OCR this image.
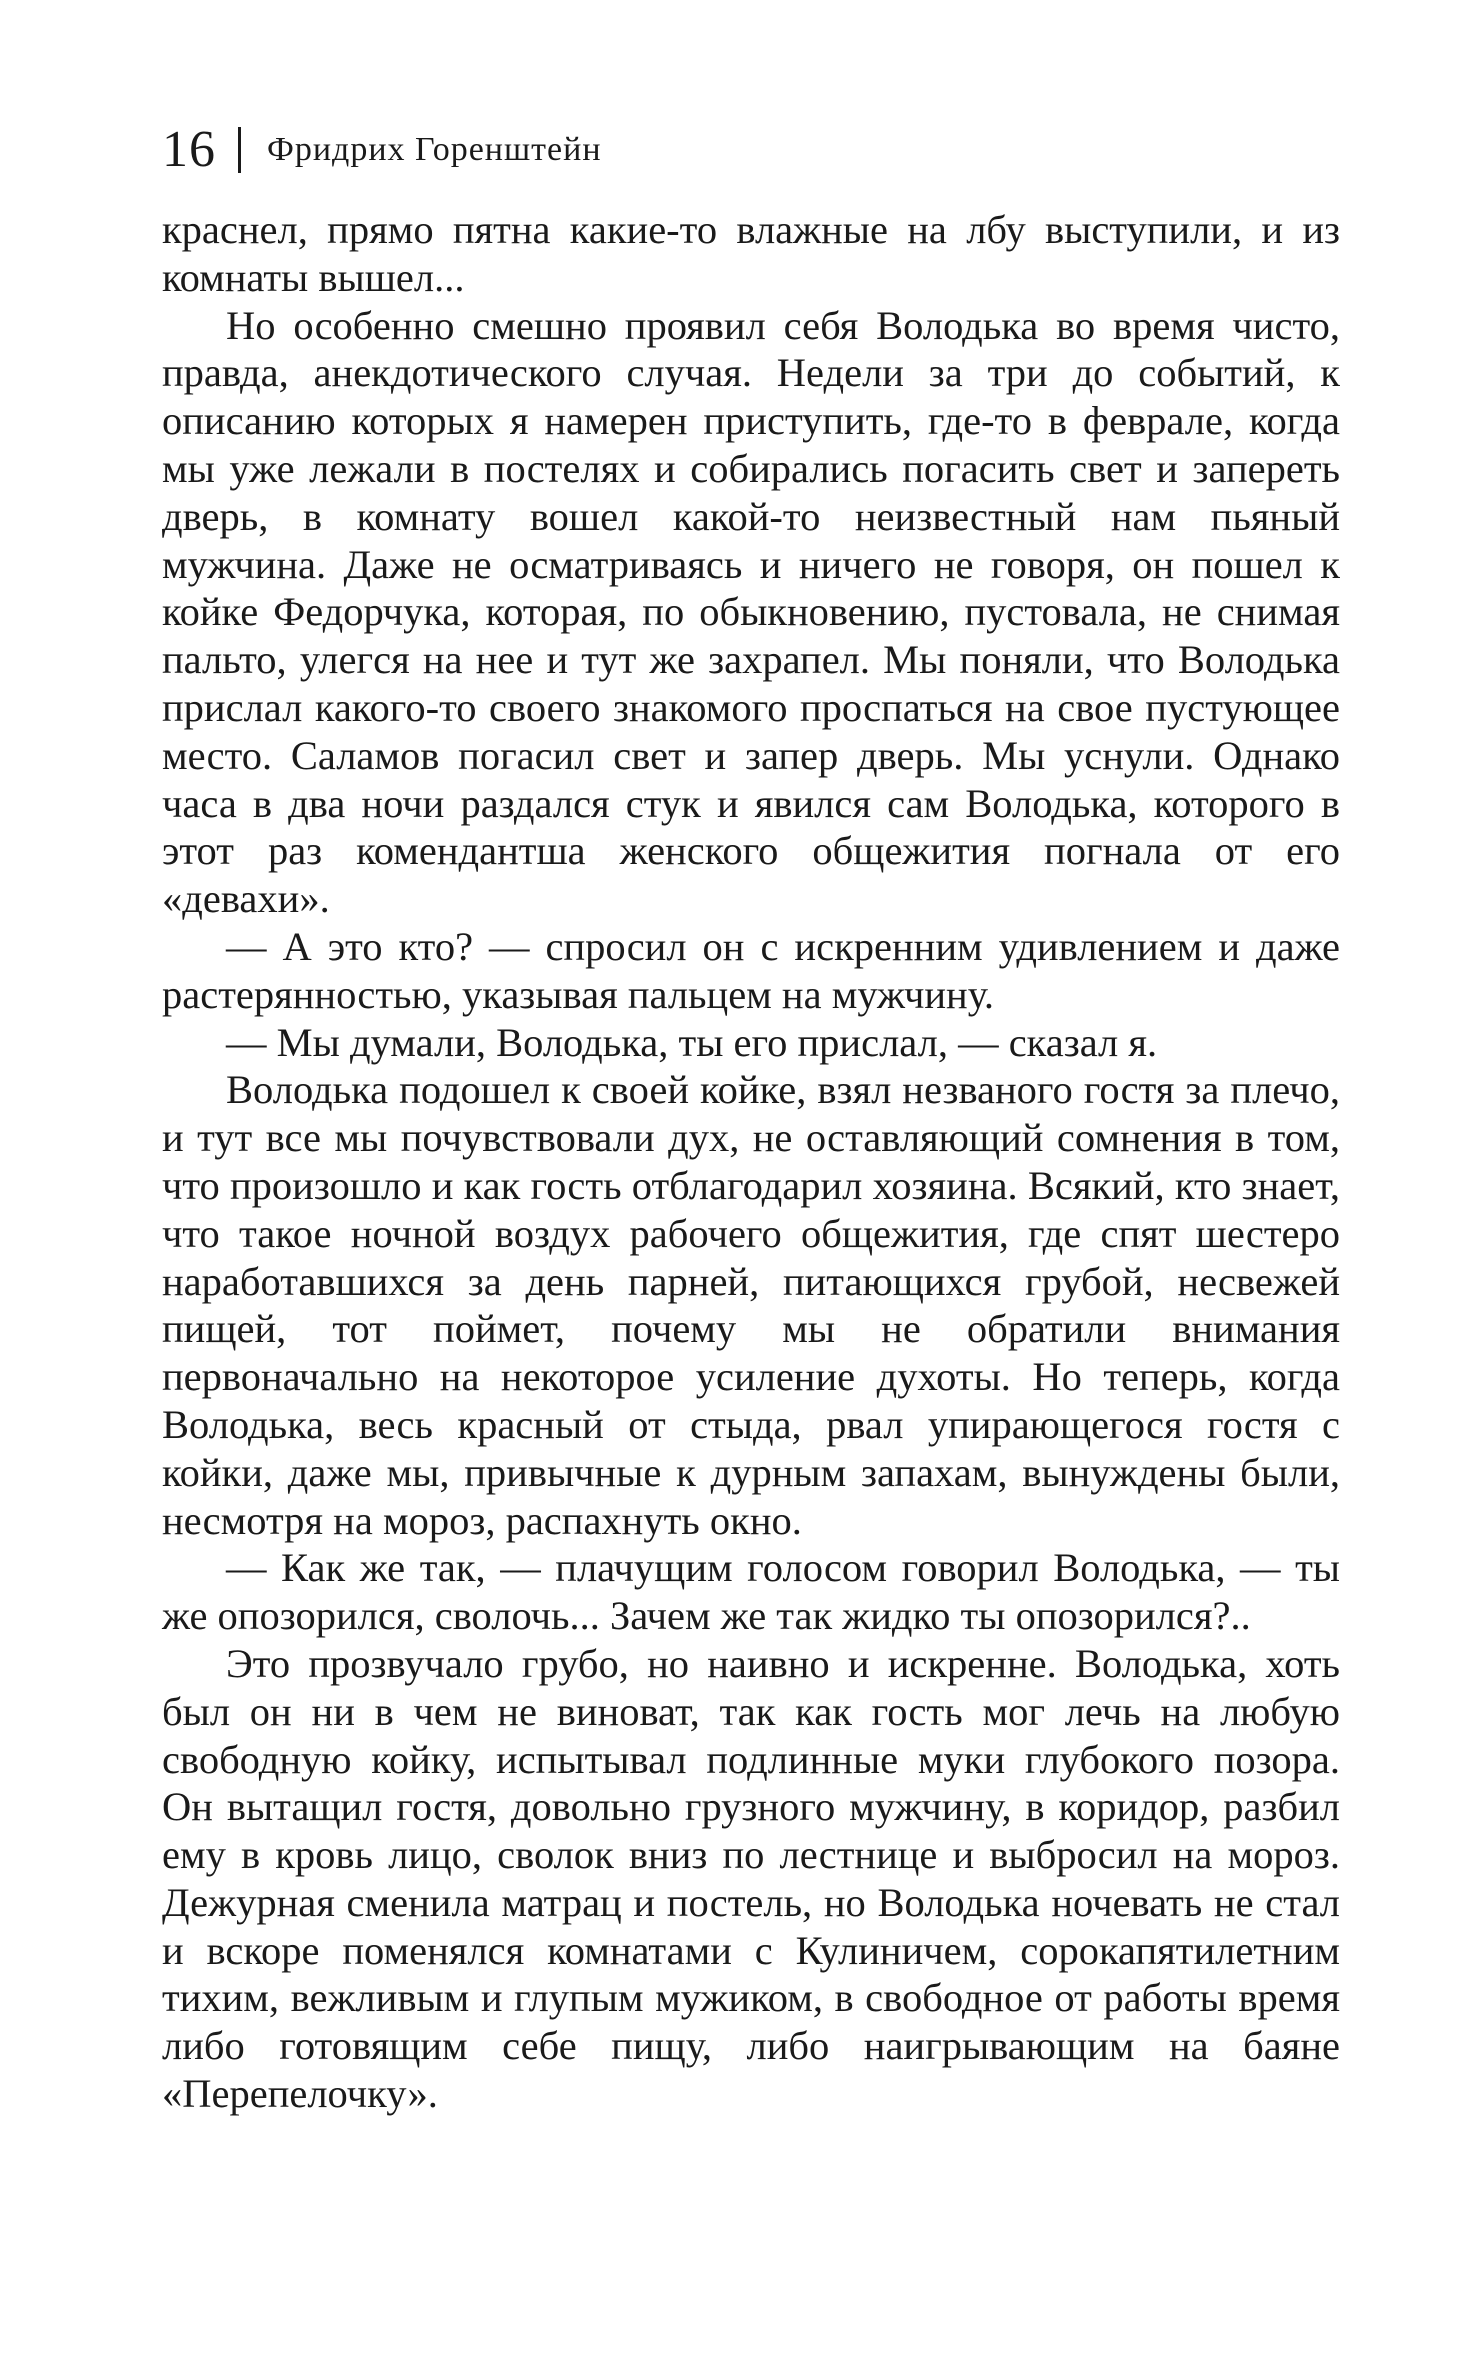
16 Фридрих Горенштейн

краснел, прямо пятна какие-то влажные на лбу выступили, и из комнаты вышел...

Но особенно смешно проявил себя Володька во время чисто, правда, анекдотического случая. Недели за три до событий, к описанию которых я намерен приступить, где-то в феврале, когда мы уже лежали в постелях и собирались погасить свет и запереть дверь, в комнату вошел какой-то неизвестный нам пьяный мужчина. Даже не осматриваясь и ничего не говоря, он пошел к койке Федорчука, которая, по обыкновению, пустовала, не снимая пальто, улегся на нее и тут же захрапел. Мы поняли, что Володька прислал какого-то своего знакомого проспаться на свое пустующее место. Саламов погасил свет и запер дверь. Мы уснули. Однако часа в два ночи раздался стук и явился сам Володька, которого в этот раз комендантша женского общежития погнала от его «девахи».

— А это кто? — спросил он с искренним удивлением и даже растерянностью, указывая пальцем на мужчину.

— Мы думали, Володька, ты его прислал, — сказал я.

Володька подошел к своей койке, взял незваного гостя за плечо, и тут все мы почувствовали дух, не оставляющий сомнения в том, что произошло и как гость отблагодарил хозяина. Всякий, кто знает, что такое ночной воздух рабочего общежития, где спят шестеро наработавшихся за день парней, питающихся грубой, несвежей пищей, тот поймет, почему мы не обратили внимания первоначально на некоторое усиление духоты. Но теперь, когда Володька, весь красный от стыда, рвал упирающегося гостя с койки, даже мы, привычные к дурным запахам, вынуждены были, несмотря на мороз, распахнуть окно.

— Как же так, — плачущим голосом говорил Володька, — ты же опозорился, сволочь... Зачем же так жидко ты опозорился?..

Это прозвучало грубо, но наивно и искренне. Володька, хоть был он ни в чем не виноват, так как гость мог лечь на любую свободную койку, испытывал подлинные муки глубокого позора. Он вытащил гостя, довольно грузного мужчину, в коридор, разбил ему в кровь лицо, сволок вниз по лестнице и выбросил на мороз. Дежурная сменила матрац и постель, но Володька ночевать не стал и вскоре поменялся комнатами с Кулиничем, сорокапятилетним тихим, вежливым и глупым мужиком, в свободное от работы время либо готовящим себе пищу, либо наигрывающим на баяне «Перепелочку».
